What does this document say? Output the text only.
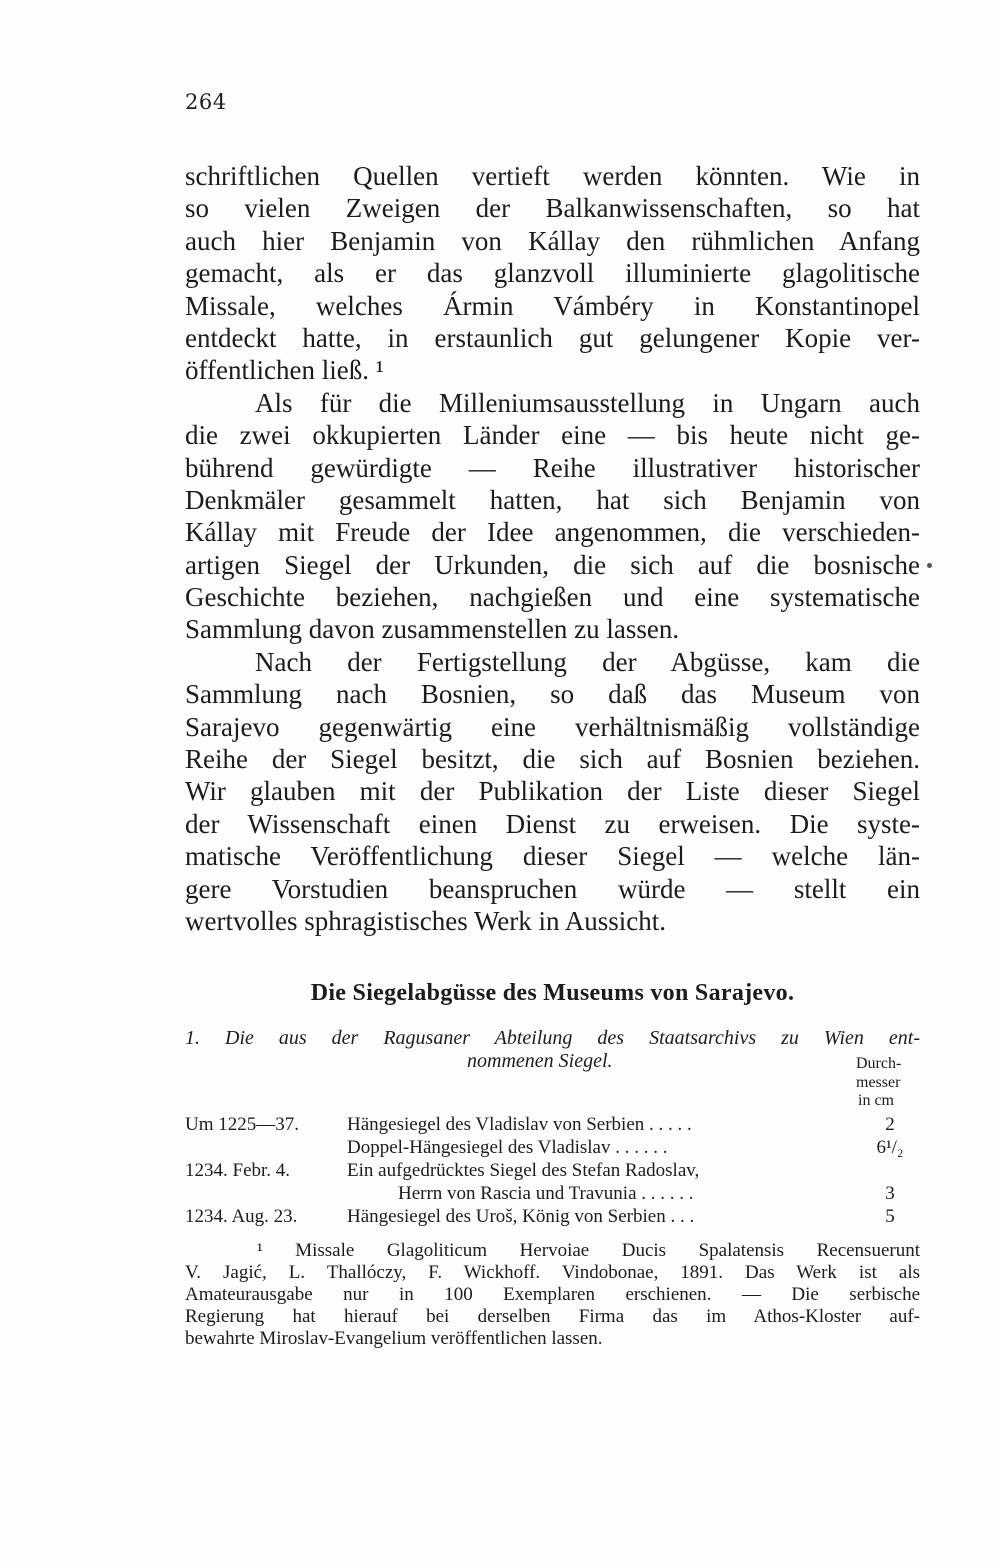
264
schriftlichen Quellen vertieft werden könnten. Wie in
so vielen Zweigen der Balkanwissenschaften, so hat
auch hier Benjamin von Kállay den rühmlichen Anfang
gemacht, als er das glanzvoll illuminierte glagolitische
Missale, welches Ármin Vámbéry in Konstantinopel
entdeckt hatte, in erstaunlich gut gelungener Kopie ver-
öffentlichen ließ. ¹
Als für die Milleniumsausstellung in Ungarn auch
die zwei okkupierten Länder eine — bis heute nicht ge-
bührend gewürdigte — Reihe illustrativer historischer
Denkmäler gesammelt hatten, hat sich Benjamin von
Kállay mit Freude der Idee angenommen, die verschieden-
artigen Siegel der Urkunden, die sich auf die bosnische
Geschichte beziehen, nachgießen und eine systematische
Sammlung davon zusammenstellen zu lassen.
Nach der Fertigstellung der Abgüsse, kam die
Sammlung nach Bosnien, so daß das Museum von
Sarajevo gegenwärtig eine verhältnismäßig vollständige
Reihe der Siegel besitzt, die sich auf Bosnien beziehen.
Wir glauben mit der Publikation der Liste dieser Siegel
der Wissenschaft einen Dienst zu erweisen. Die syste-
matische Veröffentlichung dieser Siegel — welche län-
gere Vorstudien beanspruchen würde — stellt ein
wertvolles sphragistisches Werk in Aussicht.
Die Siegelabgüsse des Museums von Sarajevo.
1. Die aus der Ragusaner Abteilung des Staatsarchivs zu Wien ent-
nommenen Siegel.	Durch-
messer
in cm
Um 1225—37.	Hängesiegel des Vladislav von Serbien . . . . .	2
Doppel-Hängesiegel des Vladislav . . . . . .	6¹/₂
1234. Febr. 4.	Ein aufgedrücktes Siegel des Stefan Radoslav,
Herrn von Rascia und Travunia . . . . . .	3
1234. Aug. 23.	Hängesiegel des Uroš, König von Serbien . . .	5
¹ Missale Glagoliticum Hervoiae Ducis Spalatensis Recensuerunt
V. Jagić, L. Thallóczy, F. Wickhoff. Vindobonae, 1891. Das Werk ist als
Amateurausgabe nur in 100 Exemplaren erschienen. — Die serbische
Regierung hat hierauf bei derselben Firma das im Athos-Kloster auf-
bewahrte Miroslav-Evangelium veröffentlichen lassen.
